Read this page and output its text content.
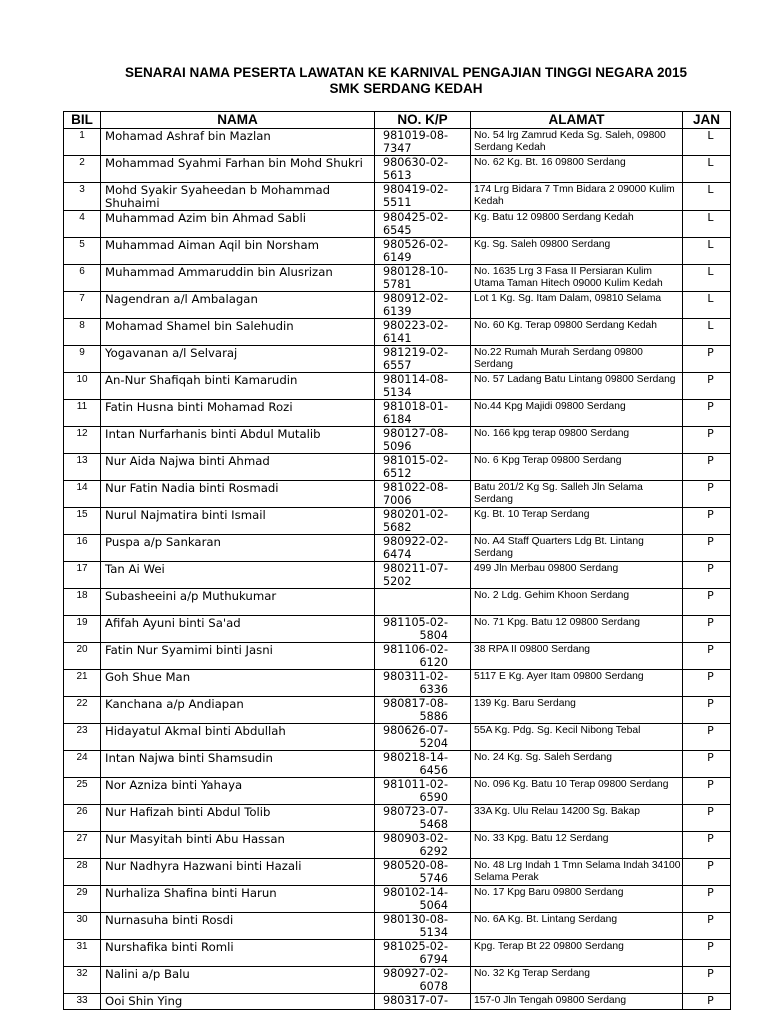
SENARAI NAMA PESERTA LAWATAN KE KARNIVAL PENGAJIAN TINGGI NEGARA 2015
SMK SERDANG KEDAH
BIL	NAMA	NO. K/P	ALAMAT	JAN
1	Mohamad Ashraf bin Mazlan	981019-08-7347	No. 54 lrg Zamrud Keda Sg. Saleh, 09800 Serdang Kedah	L
2	Mohammad Syahmi Farhan bin Mohd Shukri	980630-02-5613	No. 62 Kg. Bt. 16 09800 Serdang	L
3	Mohd Syakir Syaheedan b Mohammad Shuhaimi	980419-02-5511	174 Lrg Bidara 7 Tmn Bidara 2 09000 Kulim Kedah	L
4	Muhammad Azim bin Ahmad Sabli	980425-02-6545	Kg. Batu 12 09800 Serdang Kedah	L
5	Muhammad Aiman Aqil bin Norsham	980526-02-6149	Kg. Sg. Saleh 09800 Serdang	L
6	Muhammad Ammaruddin bin Alusrizan	980128-10-5781	No. 1635 Lrg 3 Fasa II Persiaran Kulim Utama Taman Hitech 09000 Kulim Kedah	L
7	Nagendran a/l Ambalagan	980912-02-6139	Lot 1 Kg. Sg. Itam Dalam, 09810 Selama	L
8	Mohamad Shamel bin Salehudin	980223-02-6141	No. 60 Kg. Terap 09800 Serdang Kedah	L
9	Yogavanan a/l Selvaraj	981219-02-6557	No.22 Rumah Murah Serdang 09800 Serdang	P
10	An-Nur Shafiqah binti Kamarudin	980114-08-5134	No. 57 Ladang Batu Lintang 09800 Serdang	P
11	Fatin Husna binti Mohamad Rozi	981018-01-6184	No.44 Kpg Majidi 09800 Serdang	P
12	Intan Nurfarhanis binti Abdul Mutalib	980127-08-5096	No. 166 kpg terap 09800 Serdang	P
13	Nur Aida Najwa binti Ahmad	981015-02-6512	No. 6 Kpg Terap 09800 Serdang	P
14	Nur Fatin Nadia binti Rosmadi	981022-08-7006	Batu 201/2 Kg Sg. Salleh Jln Selama Serdang	P
15	Nurul Najmatira binti Ismail	980201-02-5682	Kg. Bt. 10 Terap Serdang	P
16	Puspa a/p Sankaran	980922-02-6474	No. A4 Staff Quarters Ldg Bt. Lintang Serdang	P
17	Tan Ai Wei	980211-07-5202	499 Jln Merbau 09800 Serdang	P
18	Subasheeini a/p Muthukumar		No. 2 Ldg. Gehim Khoon Serdang	P
19	Afifah Ayuni binti Sa'ad	981105-02-5804	No. 71 Kpg. Batu 12 09800 Serdang	P
20	Fatin Nur Syamimi binti Jasni	981106-02-6120	38 RPA II 09800 Serdang	P
21	Goh Shue Man	980311-02-6336	5117 E Kg. Ayer Itam 09800 Serdang	P
22	Kanchana a/p Andiapan	980817-08-5886	139 Kg. Baru Serdang	P
23	Hidayatul Akmal binti Abdullah	980626-07-5204	55A Kg. Pdg. Sg. Kecil Nibong Tebal	P
24	Intan Najwa binti Shamsudin	980218-14-6456	No. 24 Kg. Sg. Saleh Serdang	P
25	Nor Azniza binti Yahaya	981011-02-6590	No. 096 Kg. Batu 10 Terap 09800 Serdang	P
26	Nur Hafizah binti Abdul Tolib	980723-07-5468	33A Kg. Ulu Relau 14200 Sg. Bakap	P
27	Nur Masyitah binti Abu Hassan	980903-02-6292	No. 33 Kpg. Batu 12 Serdang	P
28	Nur Nadhyra Hazwani binti Hazali	980520-08-5746	No. 48 Lrg Indah 1 Tmn Selama Indah 34100 Selama Perak	P
29	Nurhaliza Shafina binti Harun	980102-14-5064	No. 17 Kpg Baru 09800 Serdang	P
30	Nurnasuha binti Rosdi	980130-08-5134	No. 6A Kg. Bt. Lintang Serdang	P
31	Nurshafika binti Romli	981025-02-6794	Kpg. Terap Bt 22 09800 Serdang	P
32	Nalini a/p Balu	980927-02-6078	No. 32 Kg Terap Serdang	P
33	Ooi Shin Ying	980317-07-	157-0 Jln Tengah 09800 Serdang	P
